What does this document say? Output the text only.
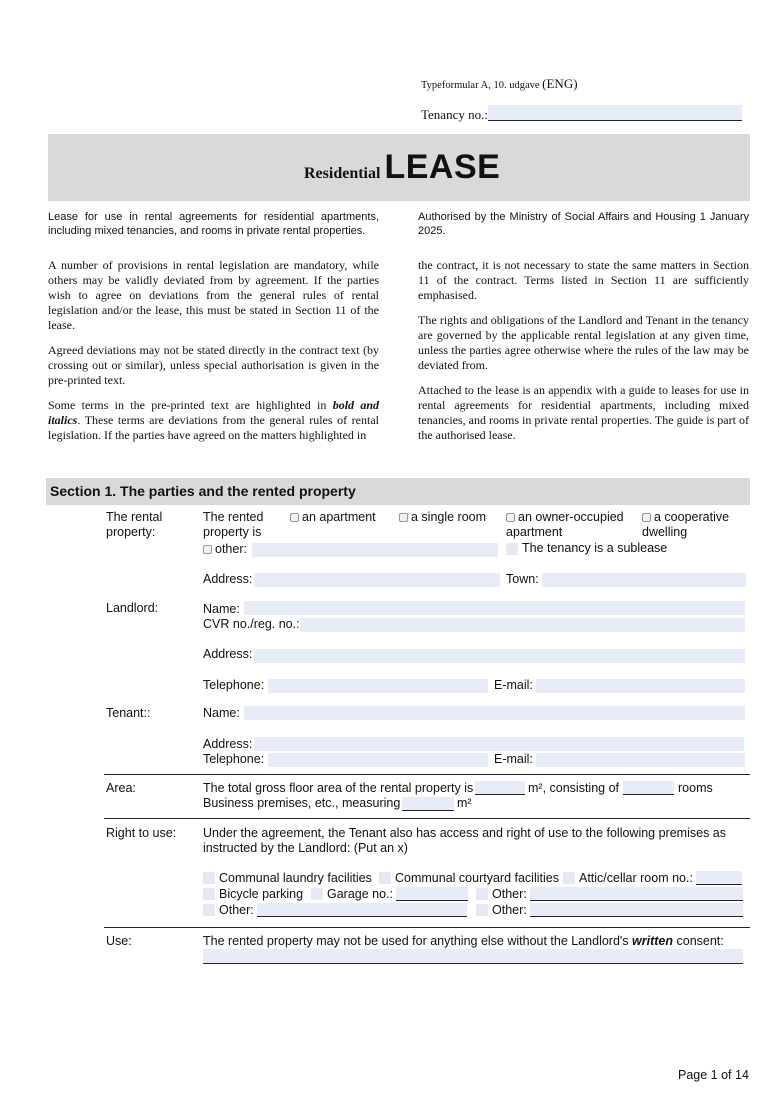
Typeformular A, 10. udgave (ENG)
Tenancy no.:
Residential LEASE
Lease for use in rental agreements for residential apartments, including mixed tenancies, and rooms in private rental properties.
Authorised by the Ministry of Social Affairs and Housing 1 January 2025.

A number of provisions in rental legislation are mandatory, while others may be validly deviated from by agreement. If the parties wish to agree on deviations from the general rules of rental legislation and/or the lease, this must be stated in Section 11 of the lease.

Agreed deviations may not be stated directly in the contract text (by crossing out or similar), unless special authorisation is given in the pre-printed text.

Some terms in the pre-printed text are highlighted in bold and italics. These terms are deviations from the general rules of rental legislation. If the parties have agreed on the matters highlighted in

the contract, it is not necessary to state the same matters in Section 11 of the contract. Terms listed in Section 11 are sufficiently emphasised.

The rights and obligations of the Landlord and Tenant in the tenancy are governed by the applicable rental legislation at any given time, unless the parties agree otherwise where the rules of the law may be deviated from.

Attached to the lease is an appendix with a guide to leases for use in rental agreements for residential apartments, including mixed tenancies, and rooms in private rental properties. The guide is part of the authorised lease.

Section 1. The parties and the rented property
The rental property:
The rented property is
an apartment	a single room	an owner-occupied apartment
a cooperative dwelling
other:	The tenancy is a sublease
Address:	Town:
Landlord:	Name:
CVR no./reg. no.:
Address:
Telephone:	E-mail:
Tenant::	Name:
Address:
Telephone:	E-mail:
Area:	The total gross floor area of the rental property is	m², consisting of	rooms
Business premises, etc., measuring	m²
Right to use: Under the agreement, the Tenant also has access and right of use to the following premises as instructed by the Landlord: (Put an x)
Communal laundry facilities Communal courtyard facilities Attic/cellar room no.:
Bicycle parking Garage no.:	Other:
Other:	Other:
Use:	The rented property may not be used for anything else without the Landlord's written consent:
Page 1 of 14
